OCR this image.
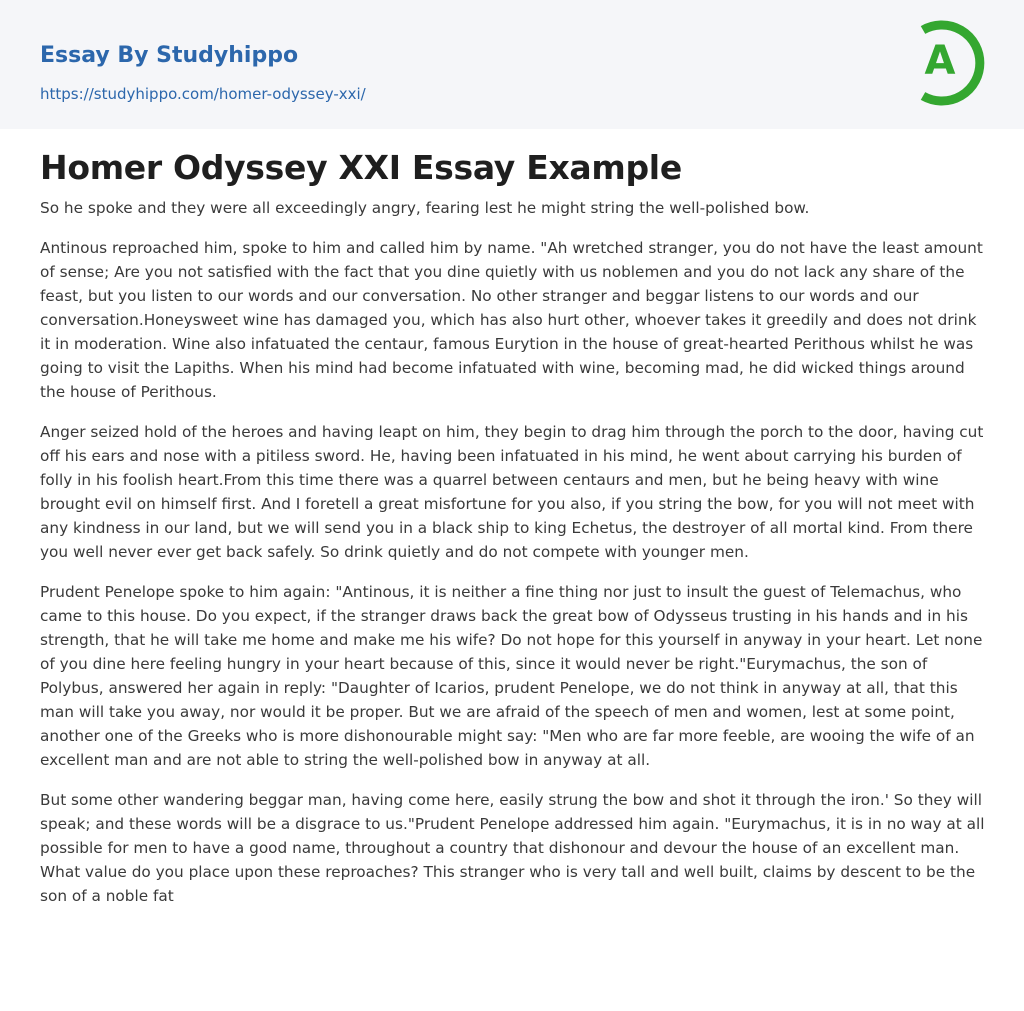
Essay By Studyhippo
https://studyhippo.com/homer-odyssey-xxi/
A
Homer Odyssey XXI Essay Example

So he spoke and they were all exceedingly angry, fearing lest he might string the well-polished bow.

Antinous reproached him, spoke to him and called him by name. "Ah wretched stranger, you do not have the least amount of sense; Are you not satisfied with the fact that you dine quietly with us noblemen and you do not lack any share of the feast, but you listen to our words and our conversation. No other stranger and beggar listens to our words and our conversation.Honeysweet wine has damaged you, which has also hurt other, whoever takes it greedily and does not drink it in moderation. Wine also infatuated the centaur, famous Eurytion in the house of great-hearted Perithous whilst he was going to visit the Lapiths. When his mind had become infatuated with wine, becoming mad, he did wicked things around the house of Perithous.

Anger seized hold of the heroes and having leapt on him, they begin to drag him through the porch to the door, having cut off his ears and nose with a pitiless sword. He, having been infatuated in his mind, he went about carrying his burden of folly in his foolish heart.From this time there was a quarrel between centaurs and men, but he being heavy with wine brought evil on himself first. And I foretell a great misfortune for you also, if you string the bow, for you will not meet with any kindness in our land, but we will send you in a black ship to king Echetus, the destroyer of all mortal kind. From there you well never ever get back safely. So drink quietly and do not compete with younger men.

Prudent Penelope spoke to him again: "Antinous, it is neither a fine thing nor just to insult the guest of Telemachus, who came to this house. Do you expect, if the stranger draws back the great bow of Odysseus trusting in his hands and in his strength, that he will take me home and make me his wife? Do not hope for this yourself in anyway in your heart. Let none of you dine here feeling hungry in your heart because of this, since it would never be right."Eurymachus, the son of Polybus, answered her again in reply: "Daughter of Icarios, prudent Penelope, we do not think in anyway at all, that this man will take you away, nor would it be proper. But we are afraid of the speech of men and women, lest at some point, another one of the Greeks who is more dishonourable might say: "Men who are far more feeble, are wooing the wife of an excellent man and are not able to string the well-polished bow in anyway at all.

But some other wandering beggar man, having come here, easily strung the bow and shot it through the iron.' So they will speak; and these words will be a disgrace to us."Prudent Penelope addressed him again. "Eurymachus, it is in no way at all possible for men to have a good name, throughout a country that dishonour and devour the house of an excellent man. What value do you place upon these reproaches? This stranger who is very tall and well built, claims by descent to be the son of a noble fat
